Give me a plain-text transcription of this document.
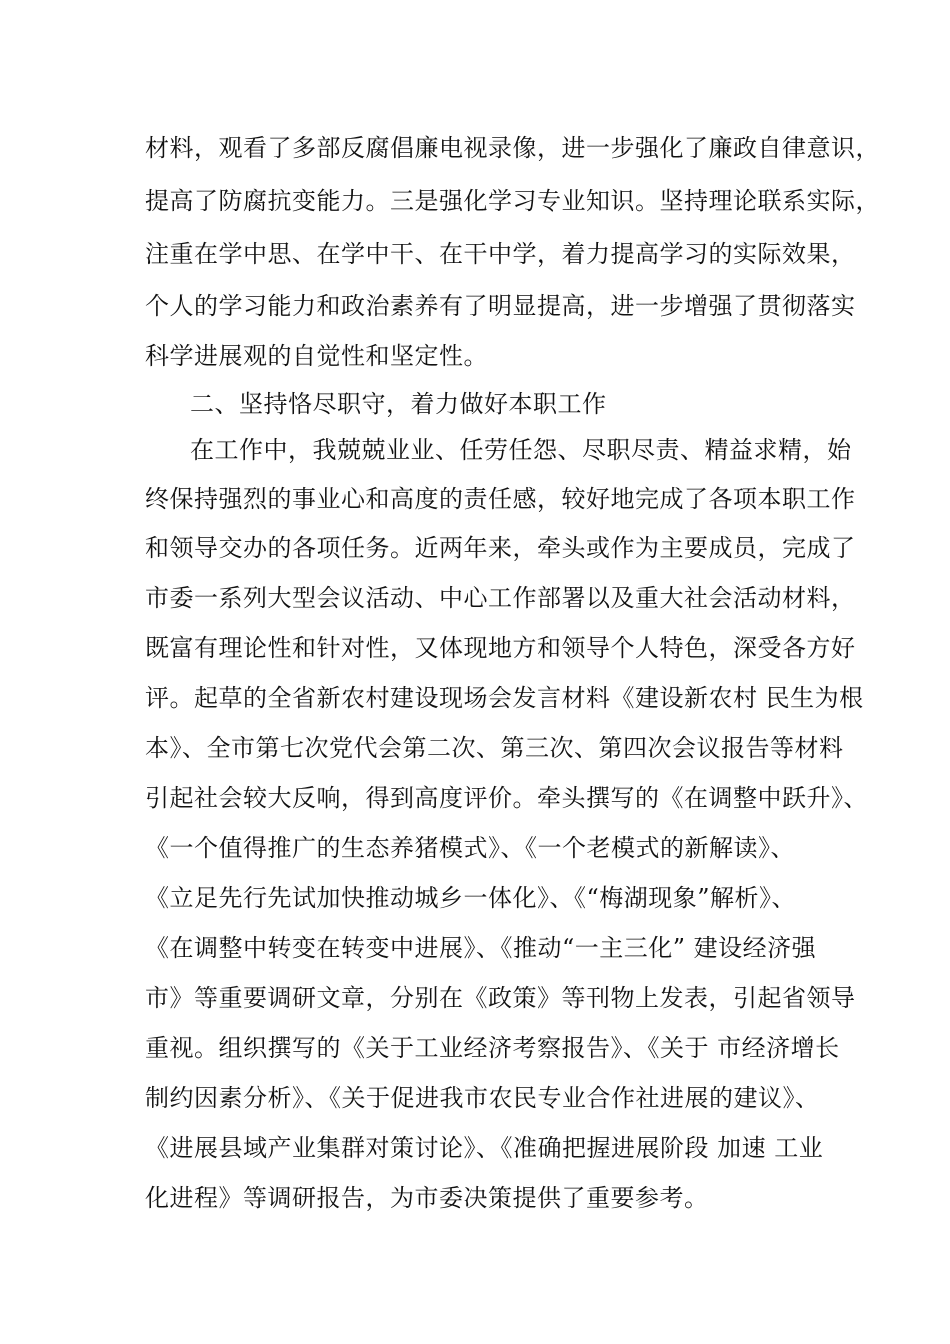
材料，观看了多部反腐倡廉电视录像，进一步强化了廉政自律意识，
提高了防腐抗变能力。三是强化学习专业知识。坚持理论联系实际，
注重在学中思、在学中干、在干中学，着力提高学习的实际效果，
个人的学习能力和政治素养有了明显提高，进一步增强了贯彻落实
科学进展观的自觉性和坚定性。
二、坚持恪尽职守，着力做好本职工作
在工作中，我兢兢业业、任劳任怨、尽职尽责、精益求精，始
终保持强烈的事业心和高度的责任感，较好地完成了各项本职工作
和领导交办的各项任务。近两年来，牵头或作为主要成员，完成了
市委一系列大型会议活动、中心工作部署以及重大社会活动材料，
既富有理论性和针对性，又体现地方和领导个人特色，深受各方好
评。起草的全省新农村建设现场会发言材料《建设新农村 民生为根
本》、全市第七次党代会第二次、第三次、第四次会议报告等材料
引起社会较大反响，得到高度评价。牵头撰写的《在调整中跃升》、
《一个值得推广的生态养猪模式》、《一个老模式的新解读》、
《立足先行先试加快推动城乡一体化》、《“梅湖现象”解析》、
《在调整中转变在转变中进展》、《推动“一主三化” 建设经济强
市》等重要调研文章，分别在《政策》等刊物上发表，引起省领导
重视。组织撰写的《关于工业经济考察报告》、《关于 市经济增长
制约因素分析》、《关于促进我市农民专业合作社进展的建议》、
《进展县域产业集群对策讨论》、《准确把握进展阶段 加速 工业
化进程》等调研报告，为市委决策提供了重要参考。
